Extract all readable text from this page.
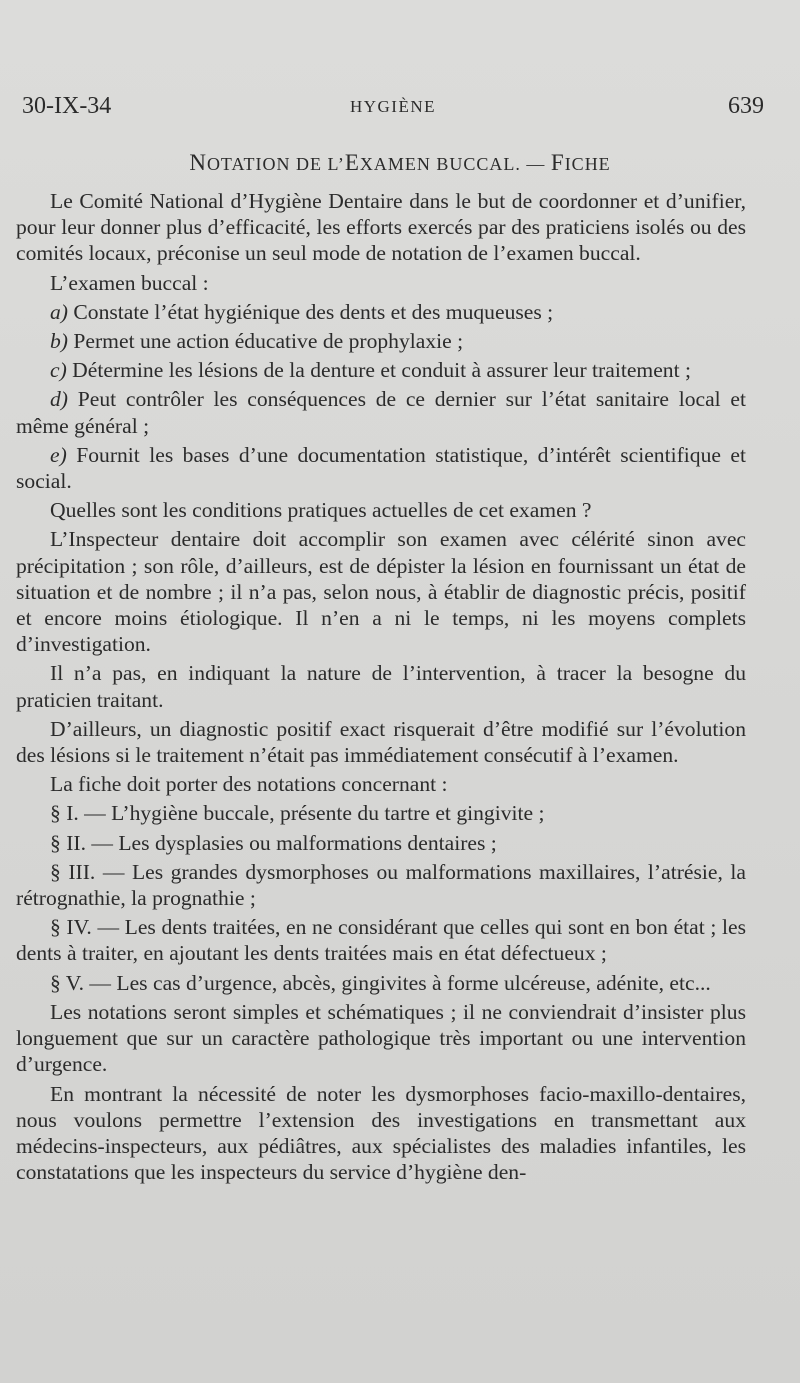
30-IX-34	HYGIÈNE	639
NOTATION DE L’EXAMEN BUCCAL. — FICHE

Le Comité National d’Hygiène Dentaire dans le but de coordonner et d’unifier, pour leur donner plus d’efficacité, les efforts exercés par des praticiens isolés ou des comités locaux, préconise un seul mode de notation de l’examen buccal.

L’examen buccal :

a) Constate l’état hygiénique des dents et des muqueuses ;

b) Permet une action éducative de prophylaxie ;

c) Détermine les lésions de la denture et conduit à assurer leur traitement ;

d) Peut contrôler les conséquences de ce dernier sur l’état sanitaire local et même général ;

e) Fournit les bases d’une documentation statistique, d’intérêt scientifique et social.

Quelles sont les conditions pratiques actuelles de cet examen ?

L’Inspecteur dentaire doit accomplir son examen avec célérité sinon avec précipitation ; son rôle, d’ailleurs, est de dépister la lésion en fournissant un état de situation et de nombre ; il n’a pas, selon nous, à établir de diagnostic précis, positif et encore moins étiologique. Il n’en a ni le temps, ni les moyens complets d’investigation.

Il n’a pas, en indiquant la nature de l’intervention, à tracer la besogne du praticien traitant.

D’ailleurs, un diagnostic positif exact risquerait d’être modifié sur l’évolution des lésions si le traitement n’était pas immédiatement consécutif à l’examen.

La fiche doit porter des notations concernant :

§ I. — L’hygiène buccale, présente du tartre et gingivite ;

§ II. — Les dysplasies ou malformations dentaires ;

§ III. — Les grandes dysmorphoses ou malformations maxillaires, l’atrésie, la rétrognathie, la prognathie ;

§ IV. — Les dents traitées, en ne considérant que celles qui sont en bon état ; les dents à traiter, en ajoutant les dents traitées mais en état défectueux ;

§ V. — Les cas d’urgence, abcès, gingivites à forme ulcéreuse, adénite, etc...

Les notations seront simples et schématiques ; il ne conviendrait d’insister plus longuement que sur un caractère pathologique très important ou une intervention d’urgence.

En montrant la nécessité de noter les dysmorphoses facio-maxillo-dentaires, nous voulons permettre l’extension des investigations en transmettant aux médecins-inspecteurs, aux pédiâtres, aux spécialistes des maladies infantiles, les constatations que les inspecteurs du service d’hygiène den-
